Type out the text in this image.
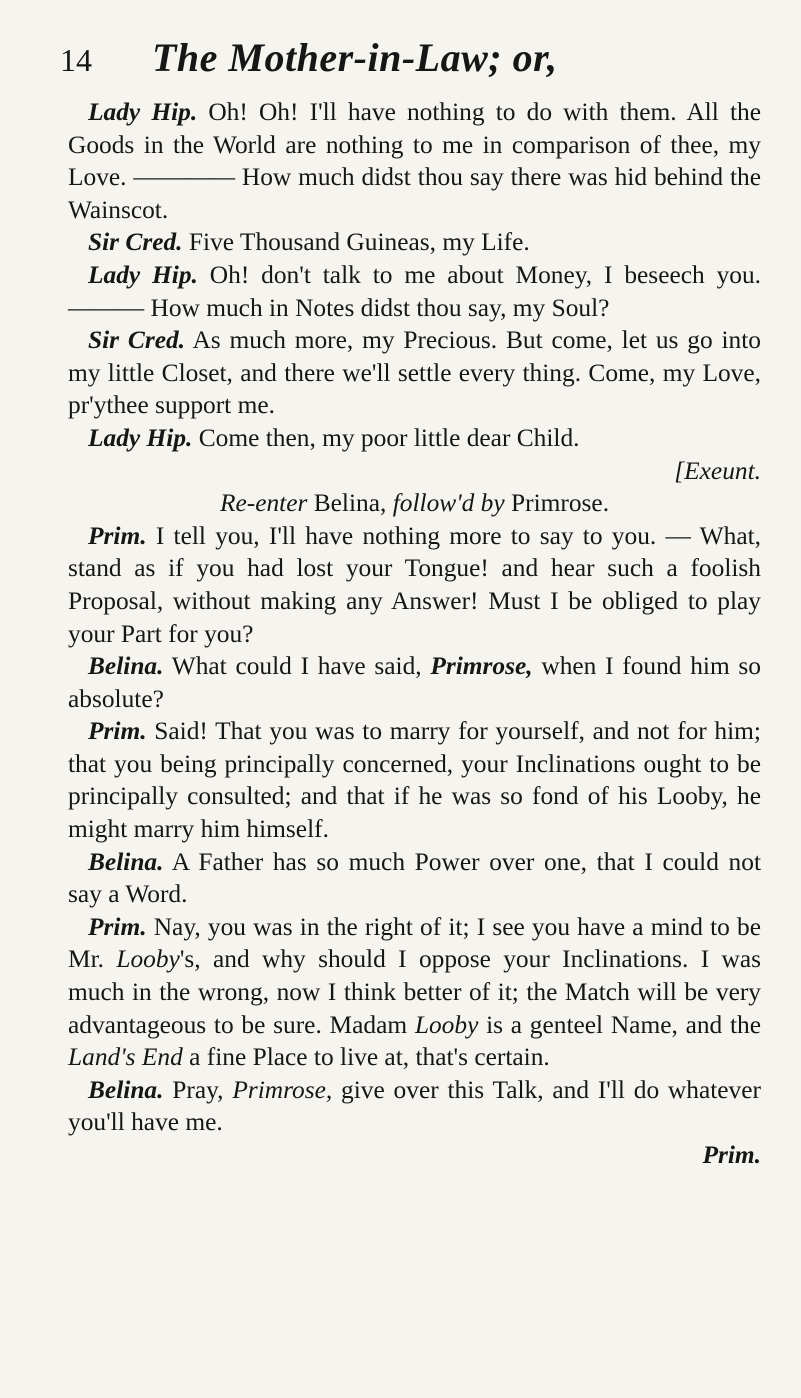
14	The Mother-in-Law; or,

Lady Hip. Oh! Oh! I'll have nothing to do with them. All the Goods in the World are nothing to me in comparison of thee, my Love. ———— How much didst thou say there was hid behind the Wainscot.

Sir Cred. Five Thousand Guineas, my Life.

Lady Hip. Oh! don't talk to me about Money, I beseech you. ——— How much in Notes didst thou say, my Soul?

Sir Cred. As much more, my Precious. But come, let us go into my little Closet, and there we'll settle every thing. Come, my Love, pr'ythee support me.

Lady Hip. Come then, my poor little dear Child.

[Exeunt.

Re-enter Belina, follow'd by Primrose.

Prim. I tell you, I'll have nothing more to say to you. — What, stand as if you had lost your Tongue! and hear such a foolish Proposal, without making any Answer! Must I be obliged to play your Part for you?

Belina. What could I have said, Primrose, when I found him so absolute?

Prim. Said! That you was to marry for yourself, and not for him; that you being principally concerned, your Inclinations ought to be principally consulted; and that if he was so fond of his Looby, he might marry him himself.

Belina. A Father has so much Power over one, that I could not say a Word.

Prim. Nay, you was in the right of it; I see you have a mind to be Mr. Looby's, and why should I oppose your Inclinations. I was much in the wrong, now I think better of it; the Match will be very advantageous to be sure. Madam Looby is a genteel Name, and the Land's End a fine Place to live at, that's certain.

Belina. Pray, Primrose, give over this Talk, and I'll do whatever you'll have me.

Prim.
